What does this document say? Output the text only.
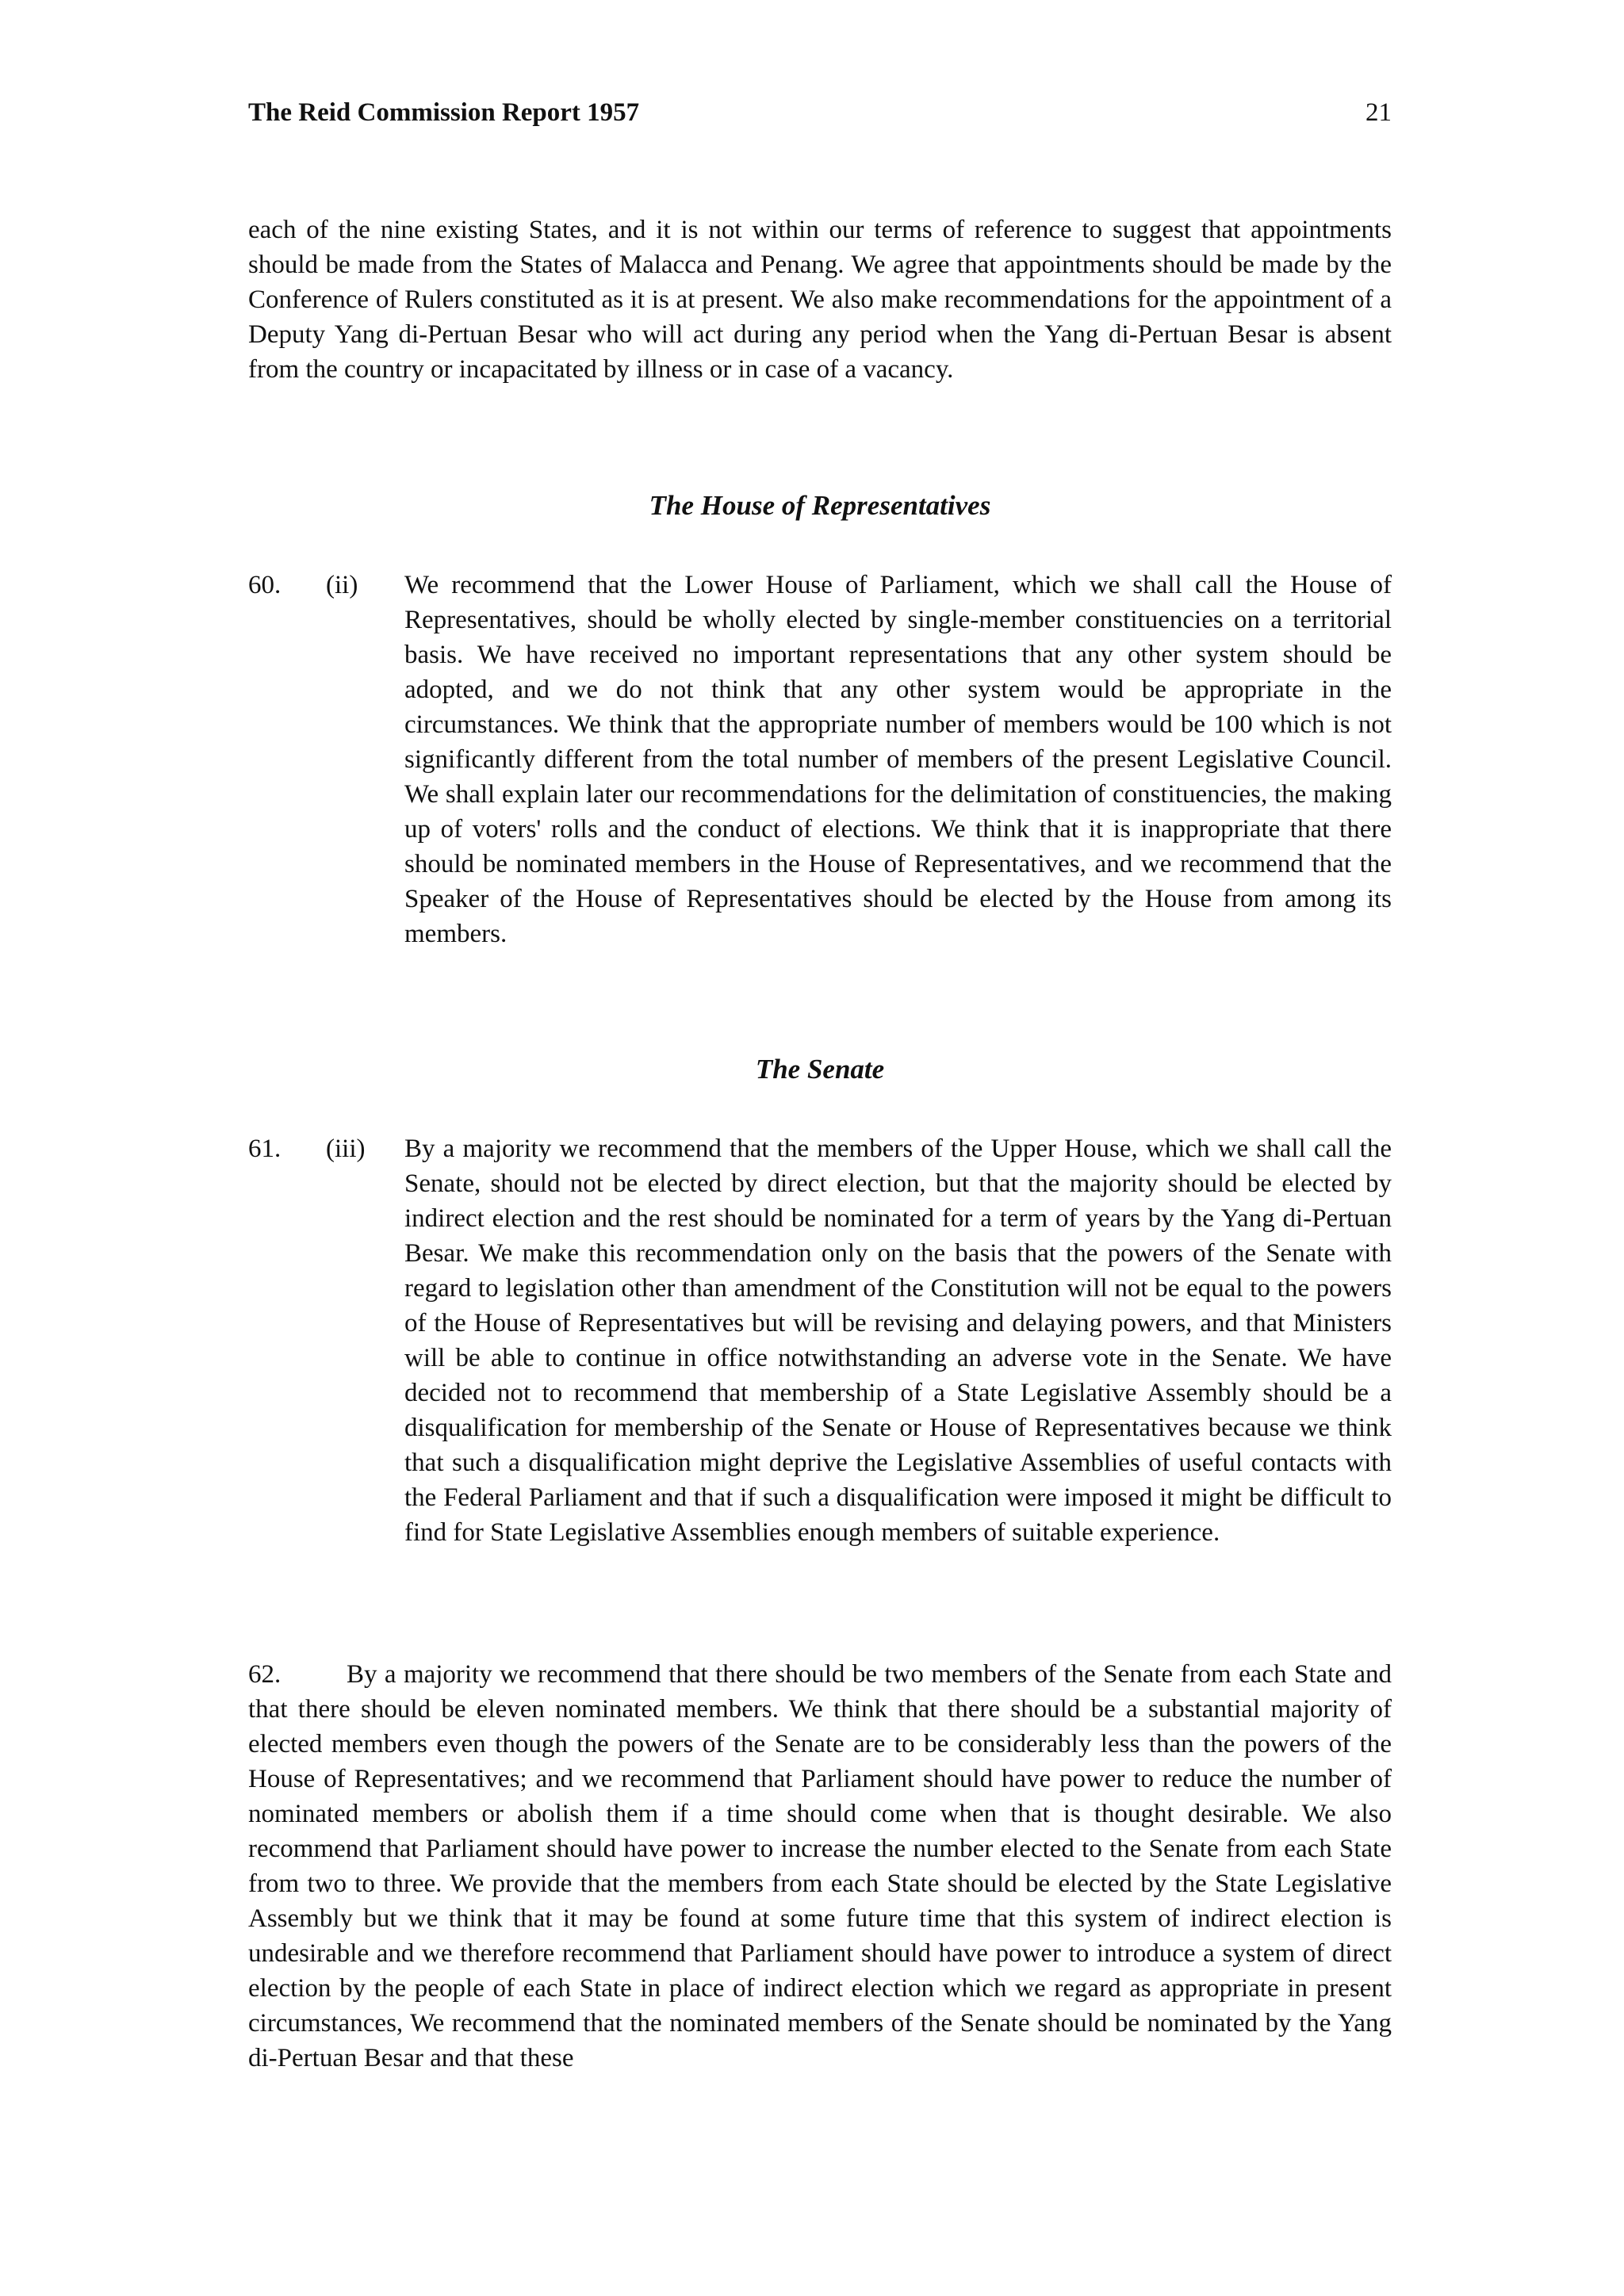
The Reid Commission Report 1957	21
each of the nine existing States, and it is not within our terms of reference to suggest that appointments should be made from the States of Malacca and Penang. We agree that appointments should be made by the Conference of Rulers constituted as it is at present. We also make recommendations for the appointment of a Deputy Yang di-Pertuan Besar who will act during any period when the Yang di-Pertuan Besar is absent from the country or incapacitated by illness or in case of a vacancy.
The House of Representatives
60. (ii) We recommend that the Lower House of Parliament, which we shall call the House of Representatives, should be wholly elected by single-member constituencies on a territorial basis. We have received no important representations that any other system should be adopted, and we do not think that any other system would be appropriate in the circumstances. We think that the appropriate number of members would be 100 which is not significantly different from the total number of members of the present Legislative Council. We shall explain later our recommendations for the delimitation of constituencies, the making up of voters' rolls and the conduct of elections. We think that it is inappropriate that there should be nominated members in the House of Representatives, and we recommend that the Speaker of the House of Representatives should be elected by the House from among its members.
The Senate
61. (iii) By a majority we recommend that the members of the Upper House, which we shall call the Senate, should not be elected by direct election, but that the majority should be elected by indirect election and the rest should be nominated for a term of years by the Yang di-Pertuan Besar. We make this recommendation only on the basis that the powers of the Senate with regard to legislation other than amendment of the Constitution will not be equal to the powers of the House of Representatives but will be revising and delaying powers, and that Ministers will be able to continue in office notwithstanding an adverse vote in the Senate. We have decided not to recommend that membership of a State Legislative Assembly should be a disqualification for membership of the Senate or House of Representatives because we think that such a disqualification might deprive the Legislative Assemblies of useful contacts with the Federal Parliament and that if such a disqualification were imposed it might be difficult to find for State Legislative Assemblies enough members of suitable experience.
62.	By a majority we recommend that there should be two members of the Senate from each State and that there should be eleven nominated members. We think that there should be a substantial majority of elected members even though the powers of the Senate are to be considerably less than the powers of the House of Representatives; and we recommend that Parliament should have power to reduce the number of nominated members or abolish them if a time should come when that is thought desirable. We also recommend that Parliament should have power to increase the number elected to the Senate from each State from two to three. We provide that the members from each State should be elected by the State Legislative Assembly but we think that it may be found at some future time that this system of indirect election is undesirable and we therefore recommend that Parliament should have power to introduce a system of direct election by the people of each State in place of indirect election which we regard as appropriate in present circumstances, We recommend that the nominated members of the Senate should be nominated by the Yang di-Pertuan Besar and that these
